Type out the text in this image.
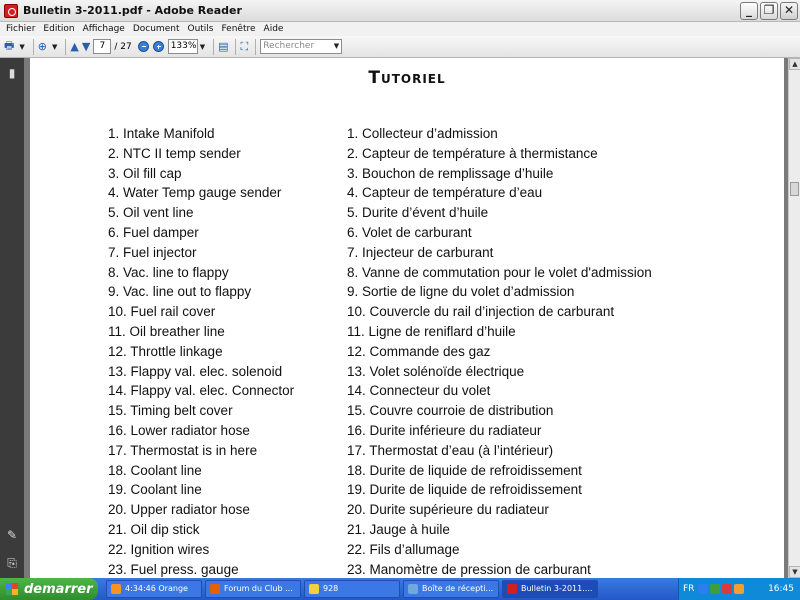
Bulletin 3-2011.pdf - Adobe Reader	_ ❐ ✕
Fichier Edition Affichage Document Outils Fenêtre Aide
🖶 ▼ ⊕ ▼ ▲ ▼	7	/ 27	133% ▼ ▤ ⛶	Rechercher	▼
▮
✎
⎘
Tutoriel
1. Intake Manifold
2. NTC II temp sender
3. Oil fill cap
4. Water Temp gauge sender
5. Oil vent line
6. Fuel damper
7. Fuel injector
8. Vac. line to flappy
9. Vac. line out to flappy
10. Fuel rail cover
11. Oil breather line
12. Throttle linkage
13. Flappy val. elec. solenoid
14. Flappy val. elec. Connector
15. Timing belt cover
16. Lower radiator hose
17. Thermostat is in here
18. Coolant line
19. Coolant line
20. Upper radiator hose
21. Oil dip stick
22. Ignition wires
23. Fuel press. gauge
1. Collecteur d’admission
2. Capteur de température à thermistance
3. Bouchon de remplissage d’huile
4. Capteur de température d’eau
5. Durite d’évent d’huile
6. Volet de carburant
7. Injecteur de carburant
8. Vanne de commutation pour le volet d'admission
9. Sortie de ligne du volet d’admission
10. Couvercle du rail d’injection de carburant
11. Ligne de reniflard d’huile
12. Commande des gaz
13. Volet solénoïde électrique
14. Connecteur du volet
15. Couvre courroie de distribution
16. Durite inférieure du radiateur
17. Thermostat d’eau (à l’intérieur)
18. Durite de liquide de refroidissement
19. Durite de liquide de refroidissement
20. Durite supérieure du radiateur
21. Jauge à huile
22. Fils d’allumage
23. Manomètre de pression de carburant
▲
▼
demarrer	4:34:46 Orange	Forum du Club ...	928	Boîte de récepti...	Bulletin 3-2011....	FR	16:45
